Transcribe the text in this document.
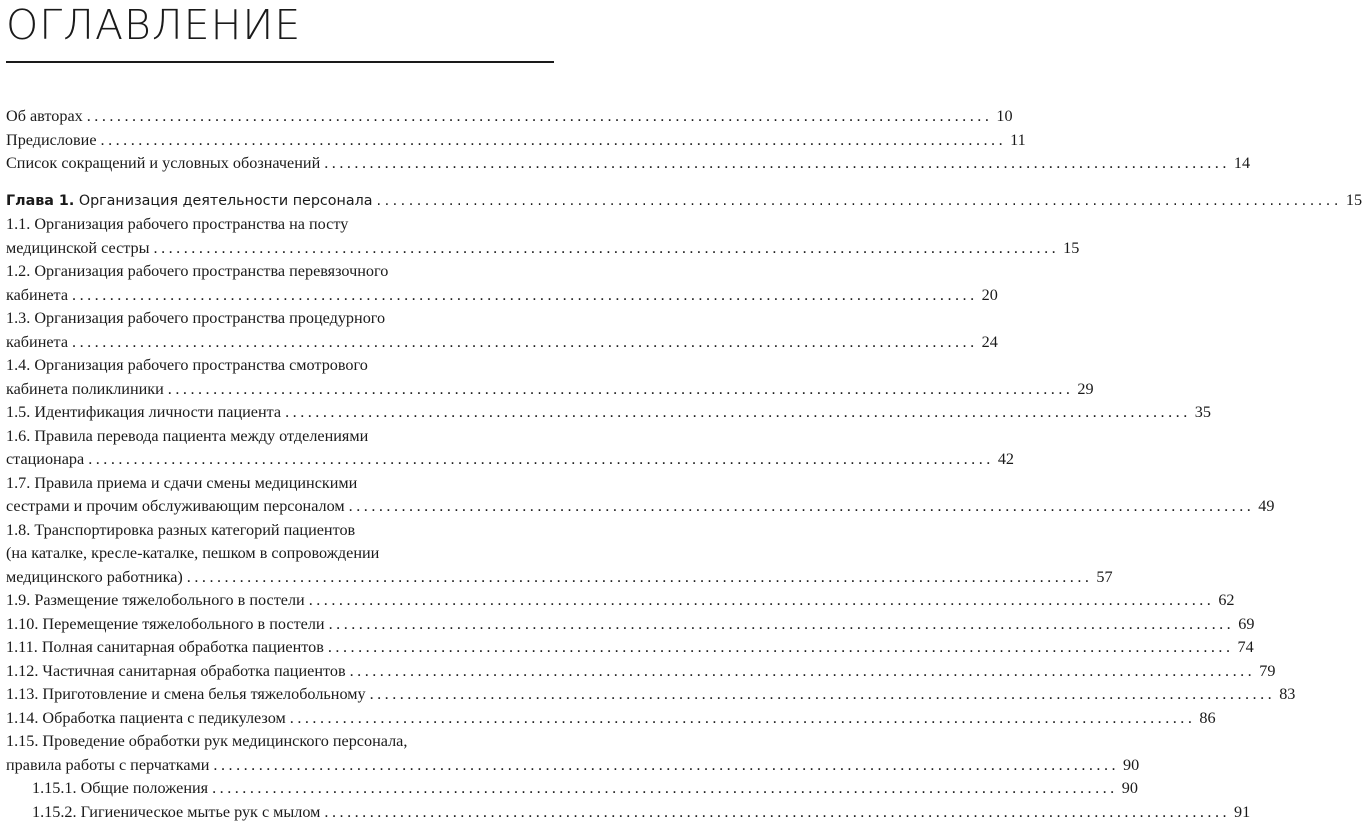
ОГЛАВЛЕНИЕ
Об авторах ........................................................................................................................ 10
Предисловие ........................................................................................................................ 11
Список сокращений и условных обозначений ........................................................................................................................ 14
Глава 1. Организация деятельности персонала ........................................................................................................................ 15
1.1. Организация рабочего пространства на посту
медицинской сестры ........................................................................................................................ 15
1.2. Организация рабочего пространства перевязочного
кабинета ........................................................................................................................ 20
1.3. Организация рабочего пространства процедурного
кабинета ........................................................................................................................ 24
1.4. Организация рабочего пространства смотрового
кабинета поликлиники ........................................................................................................................ 29
1.5. Идентификация личности пациента ........................................................................................................................ 35
1.6. Правила перевода пациента между отделениями
стационара ........................................................................................................................ 42
1.7. Правила приема и сдачи смены медицинскими
сестрами и прочим обслуживающим персоналом ........................................................................................................................ 49
1.8. Транспортировка разных категорий пациентов
(на каталке, кресле-каталке, пешком в сопровождении
медицинского работника) ........................................................................................................................ 57
1.9. Размещение тяжелобольного в постели ........................................................................................................................ 62
1.10. Перемещение тяжелобольного в постели ........................................................................................................................ 69
1.11. Полная санитарная обработка пациентов ........................................................................................................................ 74
1.12. Частичная санитарная обработка пациентов ........................................................................................................................ 79
1.13. Приготовление и смена белья тяжелобольному ........................................................................................................................ 83
1.14. Обработка пациента с педикулезом ........................................................................................................................ 86
1.15. Проведение обработки рук медицинского персонала,
правила работы с перчатками ........................................................................................................................ 90
1.15.1. Общие положения ........................................................................................................................ 90
1.15.2. Гигиеническое мытье рук с мылом ........................................................................................................................ 91
